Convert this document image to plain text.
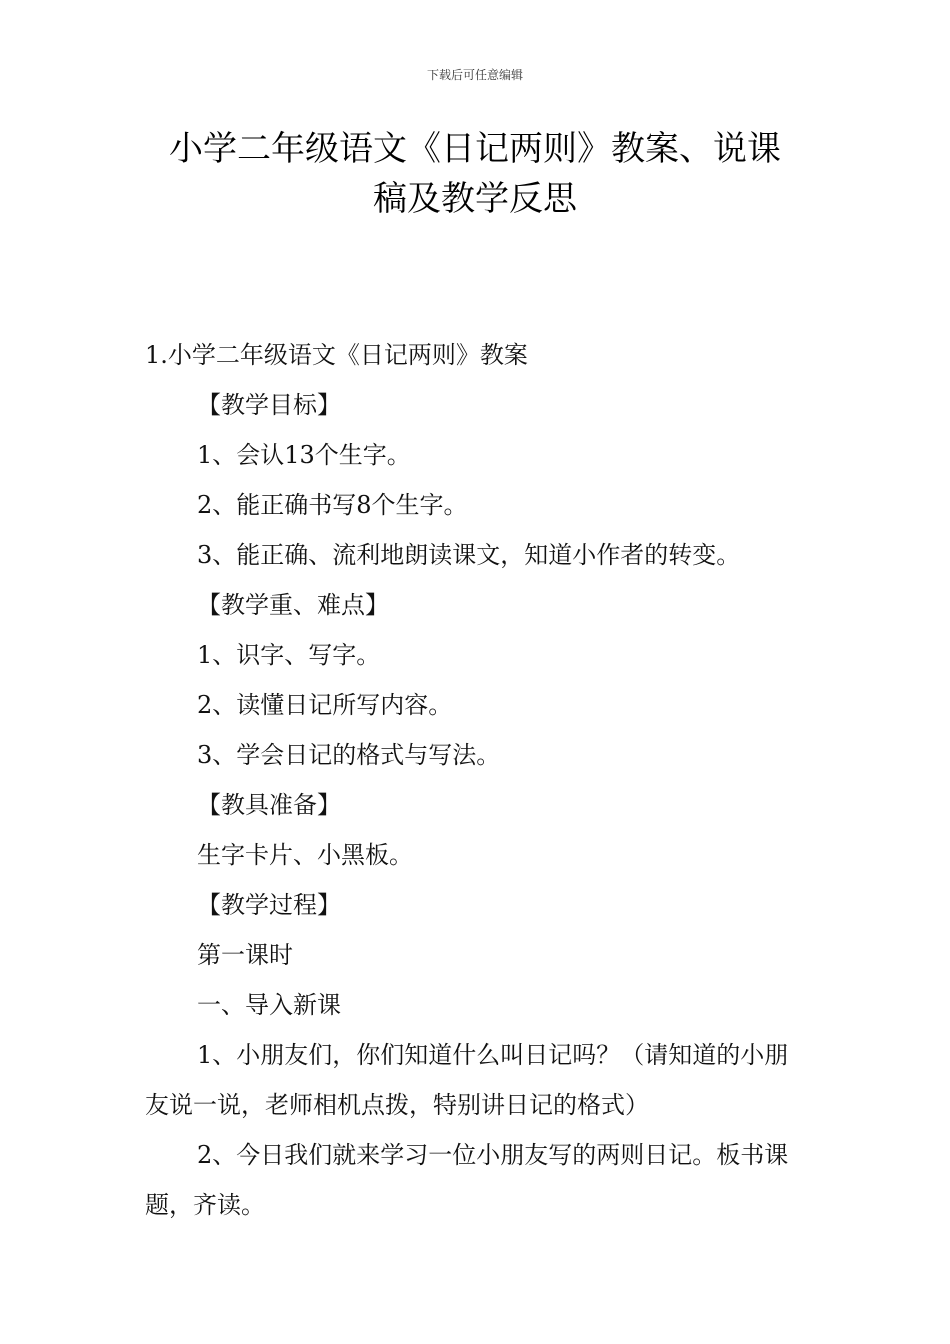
下载后可任意编辑
小学二年级语文《日记两则》教案、说课
稿及教学反思

1.小学二年级语文《日记两则》教案

【教学目标】

1、会认13个生字。

2、能正确书写8个生字。

3、能正确、流利地朗读课文，知道小作者的转变。

【教学重、难点】

1、识字、写字。

2、读懂日记所写内容。

3、学会日记的格式与写法。

【教具准备】

生字卡片、小黑板。

【教学过程】

第一课时

一、导入新课

1、小朋友们，你们知道什么叫日记吗？（请知道的小朋友说一说，老师相机点拨，特别讲日记的格式）

2、今日我们就来学习一位小朋友写的两则日记。板书课题，齐读。
